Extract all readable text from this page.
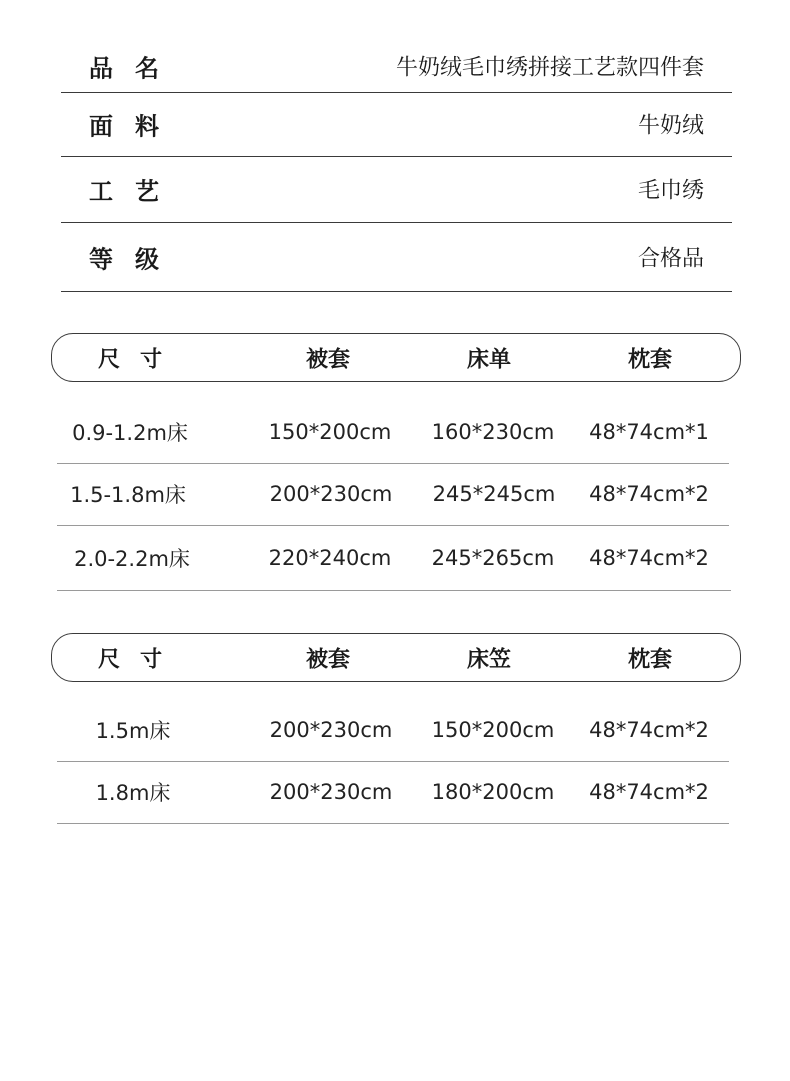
品名	牛奶绒毛巾绣拼接工艺款四件套
面料	牛奶绒
工艺	毛巾绣
等级	合格品
尺寸	被套	床单	枕套
0.9-1.2m床	150*200cm 160*230cm 48*74cm*1
1.5-1.8m床	200*230cm 245*245cm 48*74cm*2
2.0-2.2m床	220*240cm 245*265cm 48*74cm*2
尺寸	被套	床笠	枕套
1.5m床	200*230cm 150*200cm 48*74cm*2
1.8m床	200*230cm 180*200cm 48*74cm*2
